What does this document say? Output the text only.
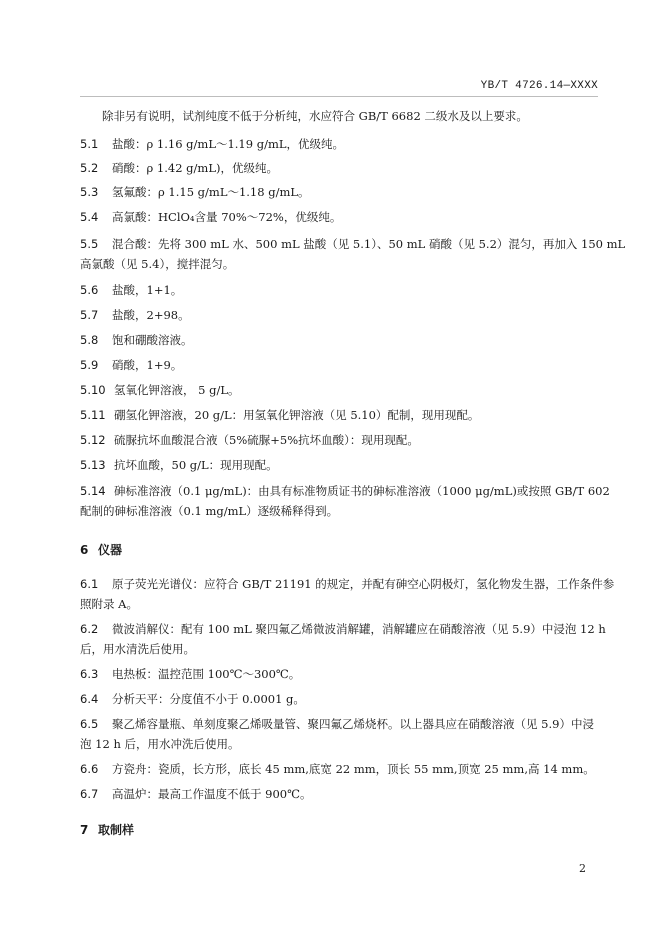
YB/T 4726.14—XXXX
除非另有说明，试剂纯度不低于分析纯，水应符合 GB/T 6682 二级水及以上要求。
5.1 盐酸：ρ 1.16 g/mL～1.19 g/mL，优级纯。
5.2 硝酸：ρ 1.42 g/mL)，优级纯。
5.3 氢氟酸：ρ 1.15 g/mL～1.18 g/mL。
5.4 高氯酸：HClO₄含量 70%～72%，优级纯。
5.5 混合酸：先将 300 mL 水、500 mL 盐酸（见 5.1）、50 mL 硝酸（见 5.2）混匀，再加入 150 mL
高氯酸（见 5.4），搅拌混匀。
5.6 盐酸，1+1。
5.7 盐酸，2+98。
5.8 饱和硼酸溶液。
5.9 硝酸，1+9。
5.10 氢氧化钾溶液， 5 g/L。
5.11 硼氢化钾溶液，20 g/L：用氢氧化钾溶液（见 5.10）配制，现用现配。
5.12 硫脲抗坏血酸混合液（5%硫脲+5%抗坏血酸）：现用现配。
5.13 抗坏血酸，50 g/L：现用现配。
5.14 砷标准溶液（0.1 μg/mL)：由具有标准物质证书的砷标准溶液（1000 μg/mL)或按照 GB/T 602
配制的砷标准溶液（0.1 mg/mL）逐级稀释得到。
6 仪器
6.1 原子荧光光谱仪：应符合 GB/T 21191 的规定，并配有砷空心阴极灯，氢化物发生器，工作条件参
照附录 A。
6.2 微波消解仪：配有 100 mL 聚四氟乙烯微波消解罐，消解罐应在硝酸溶液（见 5.9）中浸泡 12 h
后，用水清洗后使用。
6.3 电热板：温控范围 100℃～300℃。
6.4 分析天平：分度值不小于 0.0001 g。
6.5 聚乙烯容量瓶、单刻度聚乙烯吸量管、聚四氟乙烯烧杯。以上器具应在硝酸溶液（见 5.9）中浸
泡 12 h 后，用水冲洗后使用。
6.6 方瓷舟：瓷质，长方形，底长 45 mm,底宽 22 mm，顶长 55 mm,顶宽 25 mm,高 14 mm。
6.7 高温炉：最高工作温度不低于 900℃。
7 取制样
2
